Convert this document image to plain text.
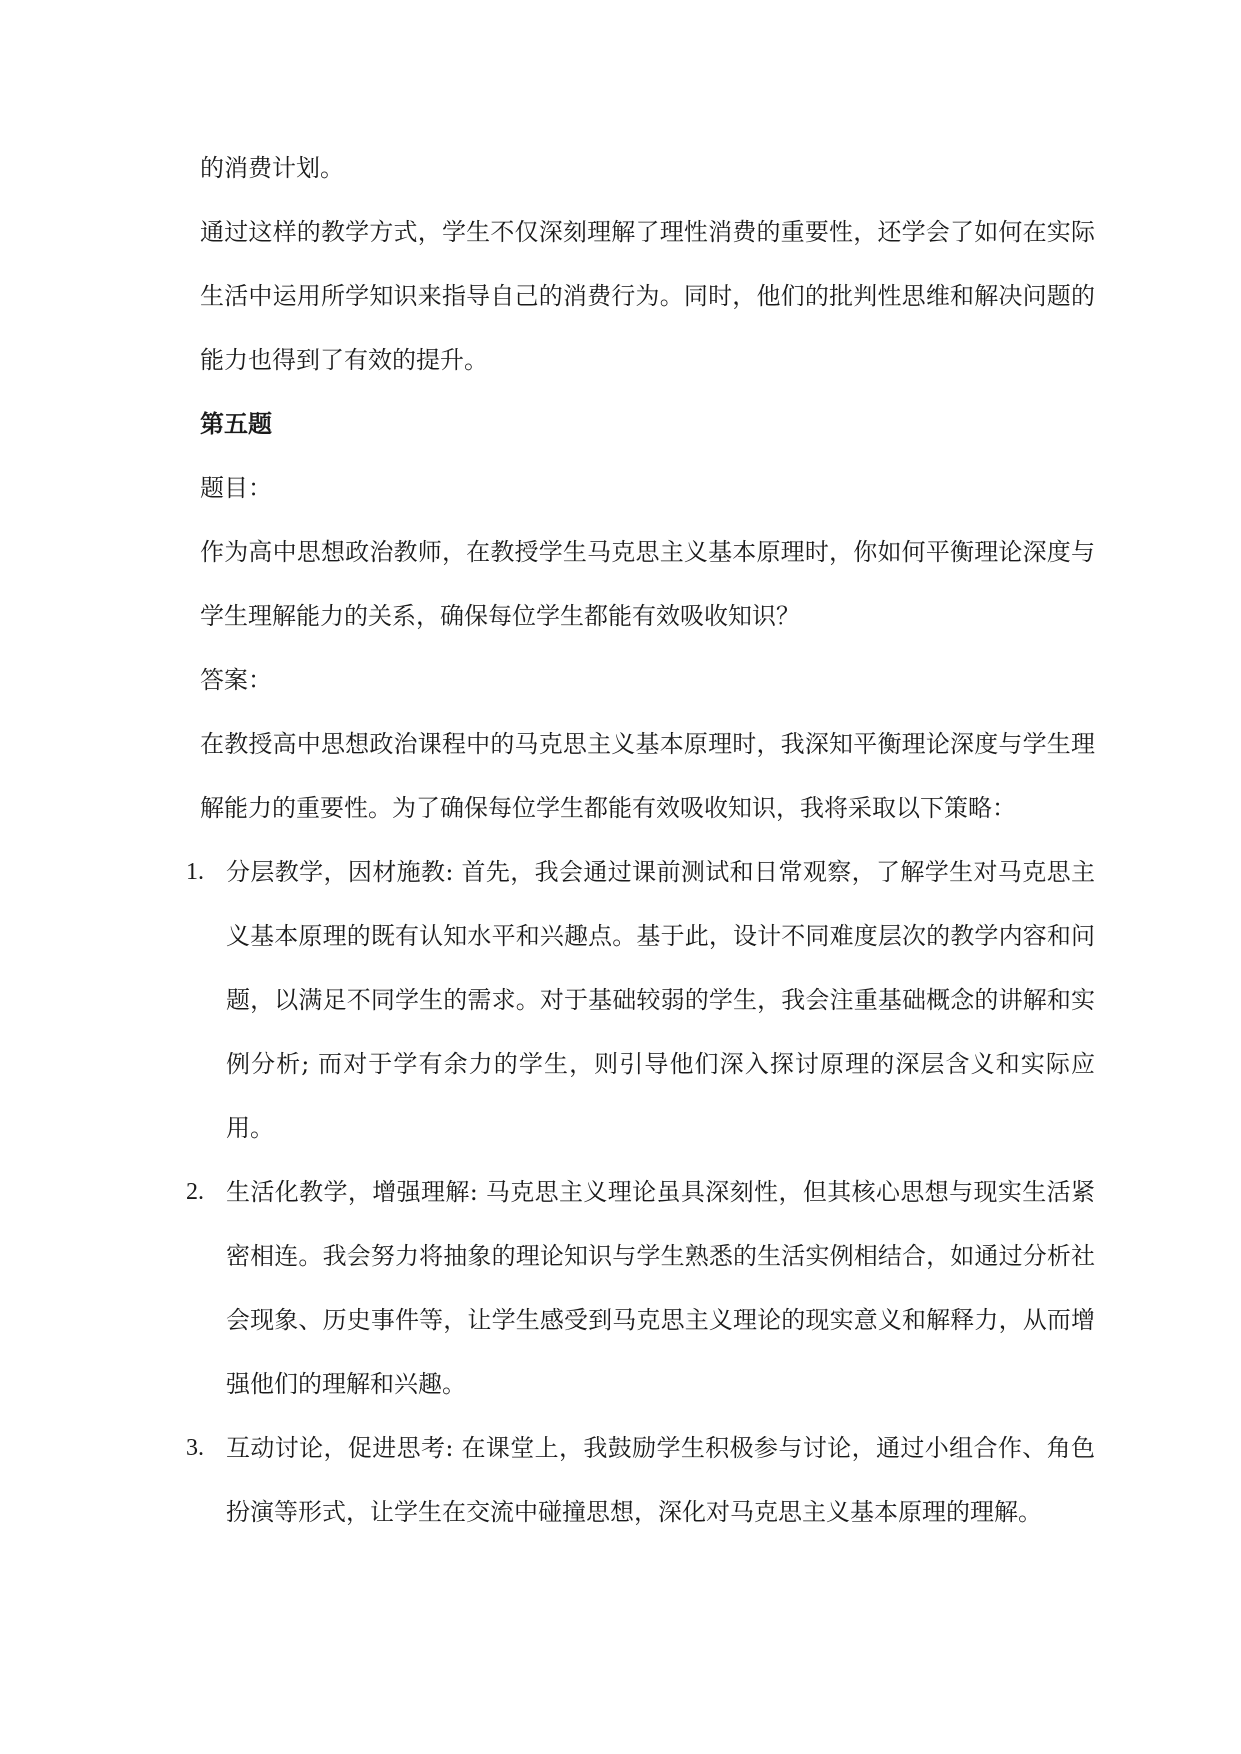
的消费计划。

通过这样的教学方式，学生不仅深刻理解了理性消费的重要性，还学会了如何在实际生活中运用所学知识来指导自己的消费行为。同时，他们的批判性思维和解决问题的能力也得到了有效的提升。

第五题

题目：

作为高中思想政治教师，在教授学生马克思主义基本原理时，你如何平衡理论深度与学生理解能力的关系，确保每位学生都能有效吸收知识？

答案：

在教授高中思想政治课程中的马克思主义基本原理时，我深知平衡理论深度与学生理解能力的重要性。为了确保每位学生都能有效吸收知识，我将采取以下策略：

1. 分层教学，因材施教: 首先，我会通过课前测试和日常观察，了解学生对马克思主义基本原理的既有认知水平和兴趣点。基于此，设计不同难度层次的教学内容和问题，以满足不同学生的需求。对于基础较弱的学生，我会注重基础概念的讲解和实例分析; 而对于学有余力的学生，则引导他们深入探讨原理的深层含义和实际应用。
2. 生活化教学，增强理解: 马克思主义理论虽具深刻性，但其核心思想与现实生活紧密相连。我会努力将抽象的理论知识与学生熟悉的生活实例相结合，如通过分析社会现象、历史事件等，让学生感受到马克思主义理论的现实意义和解释力，从而增强他们的理解和兴趣。
3. 互动讨论，促进思考: 在课堂上，我鼓励学生积极参与讨论，通过小组合作、角色扮演等形式，让学生在交流中碰撞思想，深化对马克思主义基本原理的理解。
